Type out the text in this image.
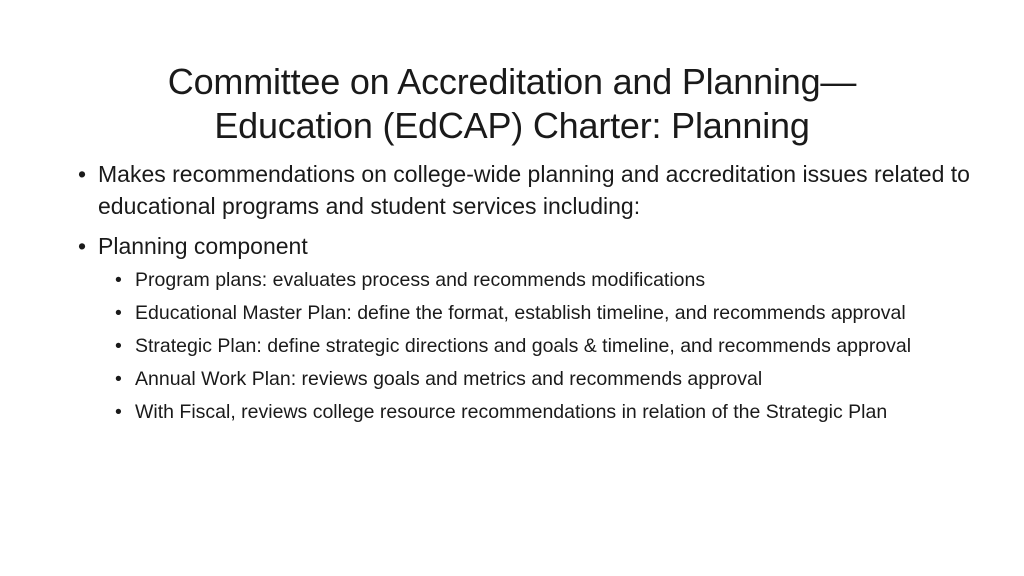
Committee on Accreditation and Planning—
Education (EdCAP) Charter: Planning
• Makes recommendations on college-wide planning and accreditation issues related to educational programs and student services including:
• Planning component
• Program plans: evaluates process and recommends modifications
• Educational Master Plan: define the format, establish timeline, and recommends approval
• Strategic Plan: define strategic directions and goals & timeline, and recommends approval
• Annual Work Plan: reviews goals and metrics and recommends approval
• With Fiscal, reviews college resource recommendations in relation of the Strategic Plan
